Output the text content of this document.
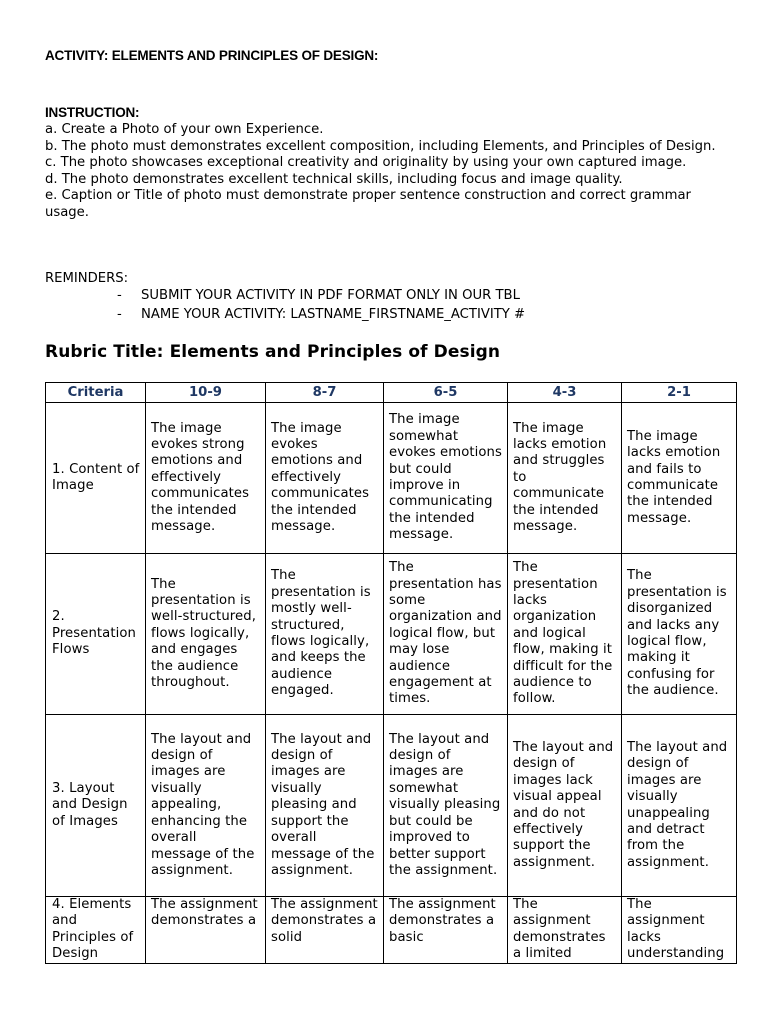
ACTIVITY: ELEMENTS AND PRINCIPLES OF DESIGN:
INSTRUCTION:
a. Create a Photo of your own Experience.
b. The photo must demonstrates excellent composition, including Elements, and Principles of Design.
c. The photo showcases exceptional creativity and originality by using your own captured image.
d. The photo demonstrates excellent technical skills, including focus and image quality.
e. Caption or Title of photo must demonstrate proper sentence construction and correct grammar usage.
REMINDERS:
- SUBMIT YOUR ACTIVITY IN PDF FORMAT ONLY IN OUR TBL
- NAME YOUR ACTIVITY: LASTNAME_FIRSTNAME_ACTIVITY #
Rubric Title: Elements and Principles of Design
Criteria	10-9	8-7	6-5	4-3	2-1
1. Content of Image	The image evokes strong emotions and effectively communicates the intended message.	The image evokes emotions and effectively communicates the intended message.	The image somewhat evokes emotions but could improve in communicating the intended message.	The image lacks emotion and struggles to communicate the intended message.	The image lacks emotion and fails to communicate the intended message.
2. Presentation Flows	The presentation is well-structured, flows logically, and engages the audience throughout.	The presentation is mostly well-structured, flows logically, and keeps the audience engaged.	The presentation has some organization and logical flow, but may lose audience engagement at times.	The presentation lacks organization and logical flow, making it difficult for the audience to follow.	The presentation is disorganized and lacks any logical flow, making it confusing for the audience.
3. Layout and Design of Images	The layout and design of images are visually appealing, enhancing the overall message of the assignment.	The layout and design of images are visually pleasing and support the overall message of the assignment.	The layout and design of images are somewhat visually pleasing but could be improved to better support the assignment.	The layout and design of images lack visual appeal and do not effectively support the assignment.	The layout and design of images are visually unappealing and detract from the assignment.
4. Elements and Principles of Design	The assignment demonstrates a	The assignment demonstrates a solid	The assignment demonstrates a basic	The assignment demonstrates a limited	The assignment lacks understanding
